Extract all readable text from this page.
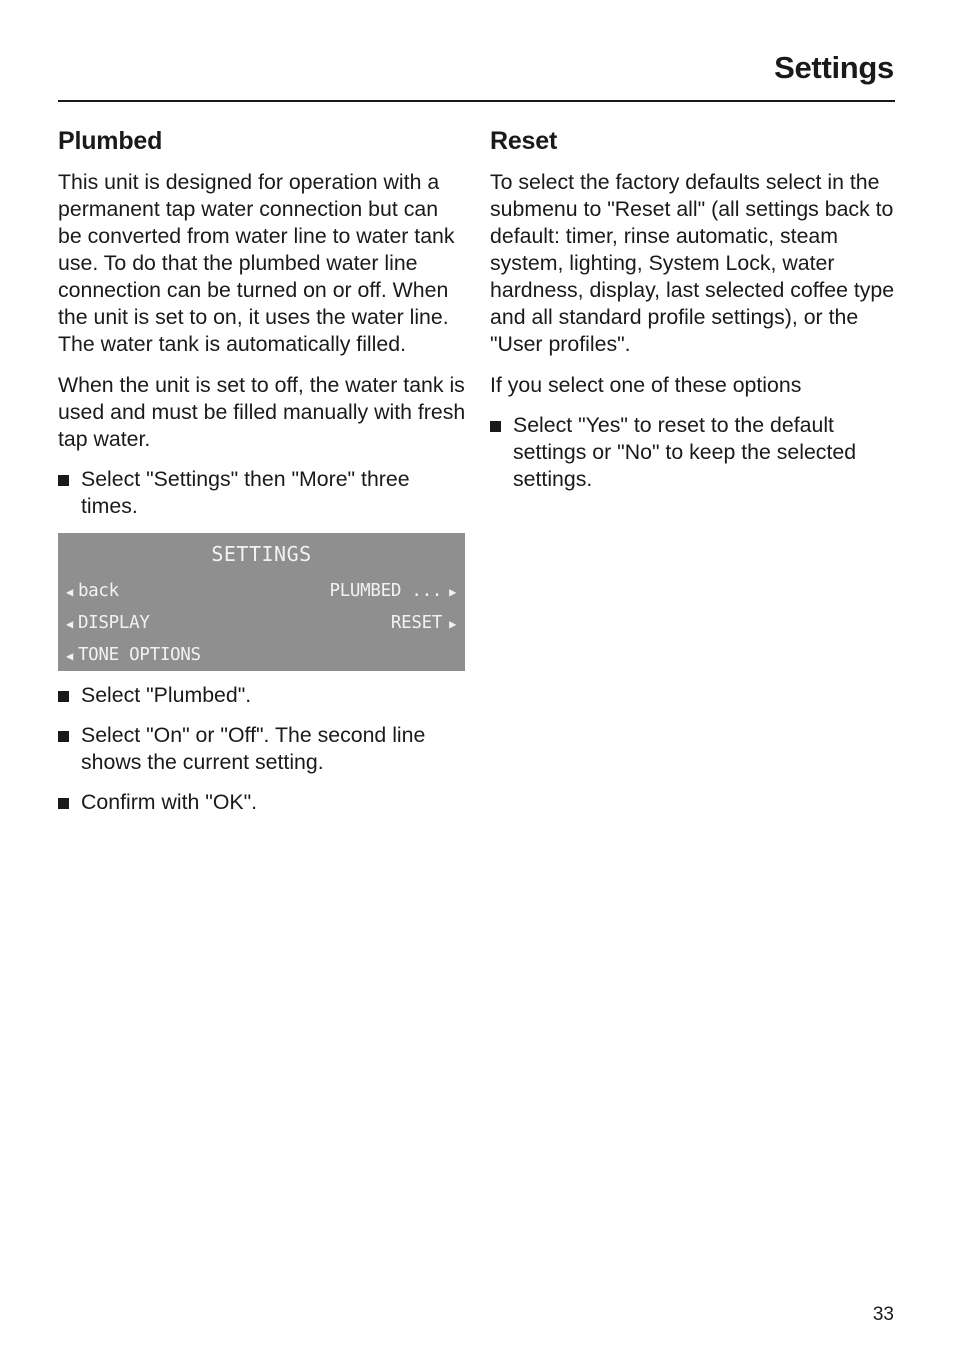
Settings
Plumbed

This unit is designed for operation with a permanent tap water connection but can be converted from water line to water tank use. To do that the plumbed water line connection can be turned on or off. When the unit is set to on, it uses the water line. The water tank is automatically filled.

When the unit is set to off, the water tank is used and must be filled manually with fresh tap water.

Select "Settings" then "More" three times.
SETTINGS
◀ back	PLUMBED ... ▶
◀ DISPLAY	RESET ▶
◀ TONE OPTIONS
Select "Plumbed".
Select "On" or "Off". The second line shows the current setting.
Confirm with "OK".
Reset

To select the factory defaults select in the submenu to "Reset all" (all settings back to default: timer, rinse automatic, steam system, lighting, System Lock, water hardness, display, last selected coffee type and all standard profile settings), or the "User profiles".

If you select one of these options

Select "Yes" to reset to the default settings or "No" to keep the selected settings.

33
